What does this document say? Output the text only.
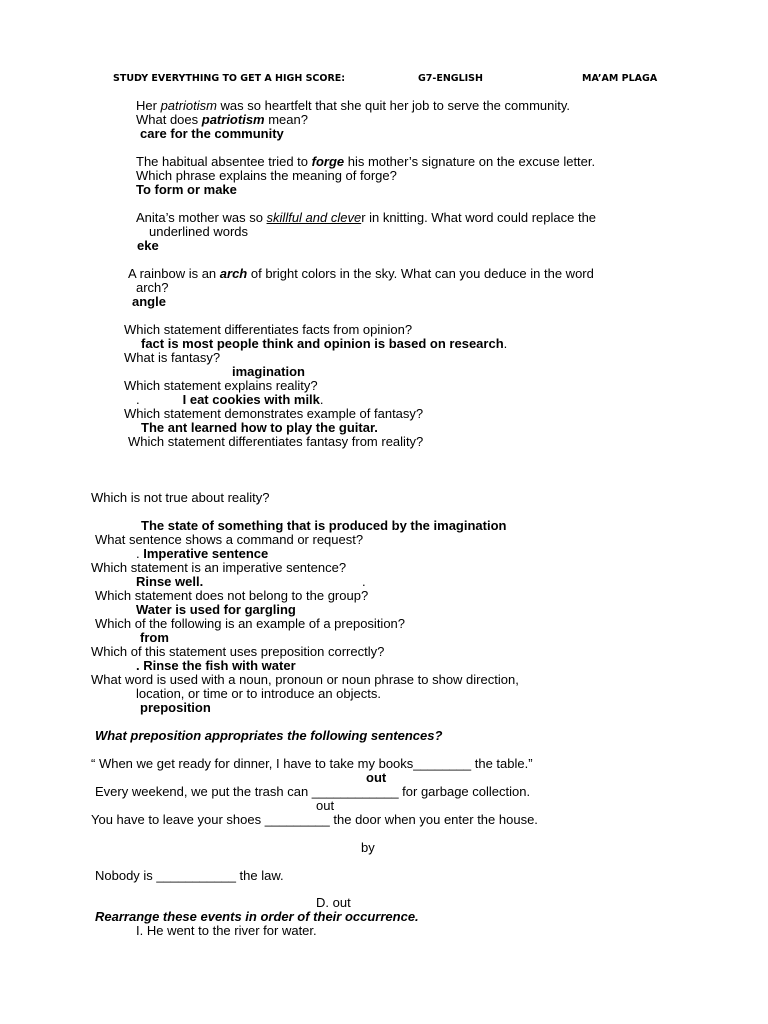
STUDY EVERYTHING TO GET A HIGH SCORE:	G7-ENGLISH	MA’AM PLAGA
Her patriotism was so heartfelt that she quit her job to serve the community.
What does patriotism mean?
care for the community
The habitual absentee tried to forge his mother’s signature on the excuse letter.
Which phrase explains the meaning of forge?
To form or make
Anita’s mother was so skillful and clever in knitting. What word could replace the
underlined words
eke
A rainbow is an arch of bright colors in the sky. What can you deduce in the word
arch?
angle
Which statement differentiates facts from opinion?
fact is most people think and opinion is based on research.
What is fantasy?
imagination
Which statement explains reality?
.	I eat cookies with milk.
Which statement demonstrates example of fantasy?
The ant learned how to play the guitar.
Which statement differentiates fantasy from reality?
Which is not true about reality?
The state of something that is produced by the imagination
What sentence shows a command or request?
. Imperative sentence
Which statement is an imperative sentence?
Rinse well.	.
Which statement does not belong to the group?
Water is used for gargling
Which of the following is an example of a preposition?
from
Which of this statement uses preposition correctly?
. Rinse the fish with water
What word is used with a noun, pronoun or noun phrase to show direction,
location, or time or to introduce an objects.
preposition
What preposition appropriates the following sentences?
“ When we get ready for dinner, I have to take my books________ the table.”
out
Every weekend, we put the trash can ____________ for garbage collection.
out
You have to leave your shoes _________ the door when you enter the house.
by
Nobody is ___________ the law.
D. out
Rearrange these events in order of their occurrence.
I. He went to the river for water.
